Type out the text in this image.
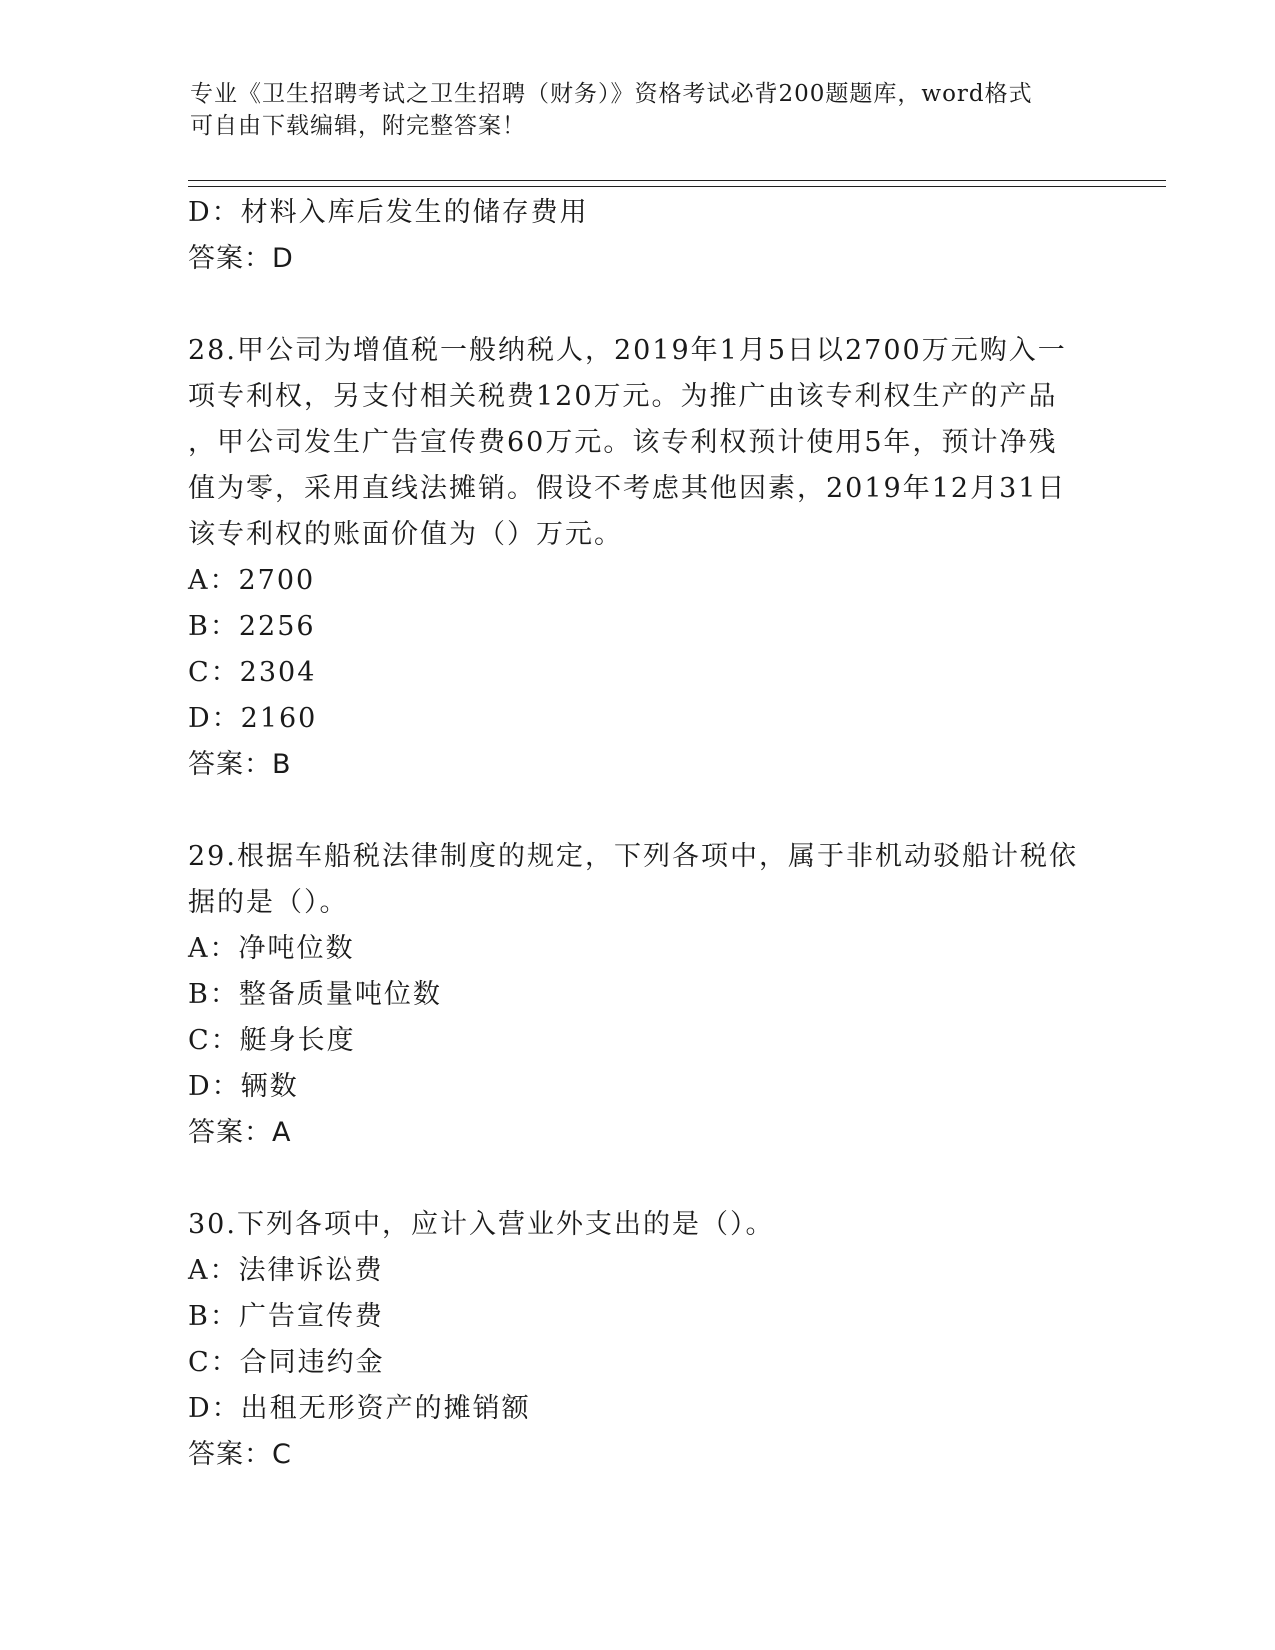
专业《卫生招聘考试之卫生招聘（财务）》资格考试必背200题题库，word格式
可自由下载编辑，附完整答案！
D：材料入库后发生的储存费用
答案：D
28.甲公司为增值税一般纳税人，2019年1月5日以2700万元购入一
项专利权，另支付相关税费120万元。为推广由该专利权生产的产品
，甲公司发生广告宣传费60万元。该专利权预计使用5年，预计净残
值为零，采用直线法摊销。假设不考虑其他因素，2019年12月31日
该专利权的账面价值为（）万元。
A：2700
B：2256
C：2304
D：2160
答案：B
29.根据车船税法律制度的规定，下列各项中，属于非机动驳船计税依
据的是（）。
A：净吨位数
B：整备质量吨位数
C：艇身长度
D：辆数
答案：A
30.下列各项中，应计入营业外支出的是（）。
A：法律诉讼费
B：广告宣传费
C：合同违约金
D：出租无形资产的摊销额
答案：C
